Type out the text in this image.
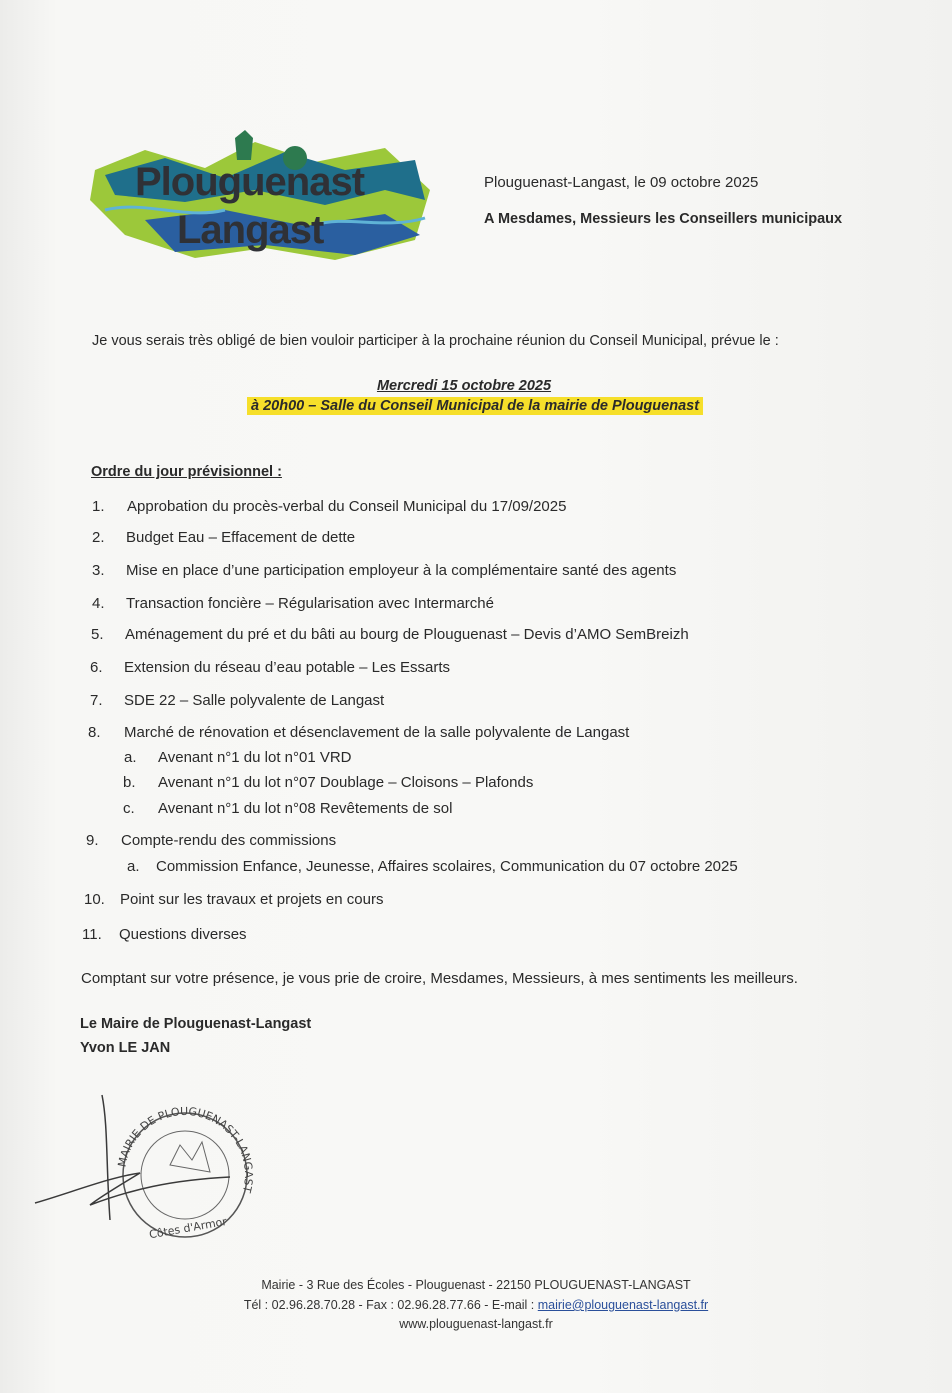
Plouguenast
Langast
Plouguenast-Langast, le 09 octobre 2025
A Mesdames, Messieurs les Conseillers municipaux
Je vous serais très obligé de bien vouloir participer à la prochaine réunion du Conseil Municipal, prévue le :
Mercredi 15 octobre 2025
à 20h00 – Salle du Conseil Municipal de la mairie de Plouguenast
Ordre du jour prévisionnel :
1. Approbation du procès-verbal du Conseil Municipal du 17/09/2025
2. Budget Eau – Effacement de dette
3. Mise en place d’une participation employeur à la complémentaire santé des agents
4. Transaction foncière – Régularisation avec Intermarché
5. Aménagement du pré et du bâti au bourg de Plouguenast – Devis d’AMO SemBreizh
6. Extension du réseau d’eau potable – Les Essarts
7. SDE 22 – Salle polyvalente de Langast
8. Marché de rénovation et désenclavement de la salle polyvalente de Langast
a. Avenant n°1 du lot n°01 VRD
b. Avenant n°1 du lot n°07 Doublage – Cloisons – Plafonds
c. Avenant n°1 du lot n°08 Revêtements de sol
9. Compte-rendu des commissions
a. Commission Enfance, Jeunesse, Affaires scolaires, Communication du 07 octobre 2025
10. Point sur les travaux et projets en cours
11. Questions diverses
Comptant sur votre présence, je vous prie de croire, Mesdames, Messieurs, à mes sentiments les meilleurs.
Le Maire de Plouguenast-Langast
Yvon LE JAN
MAIRIE DE PLOUGUENAST-LANGAST
Côtes d'Armor
Mairie - 3 Rue des Écoles - Plouguenast - 22150 PLOUGUENAST-LANGAST
Tél : 02.96.28.70.28 - Fax : 02.96.28.77.66 - E-mail : mairie@plouguenast-langast.fr
www.plouguenast-langast.fr
